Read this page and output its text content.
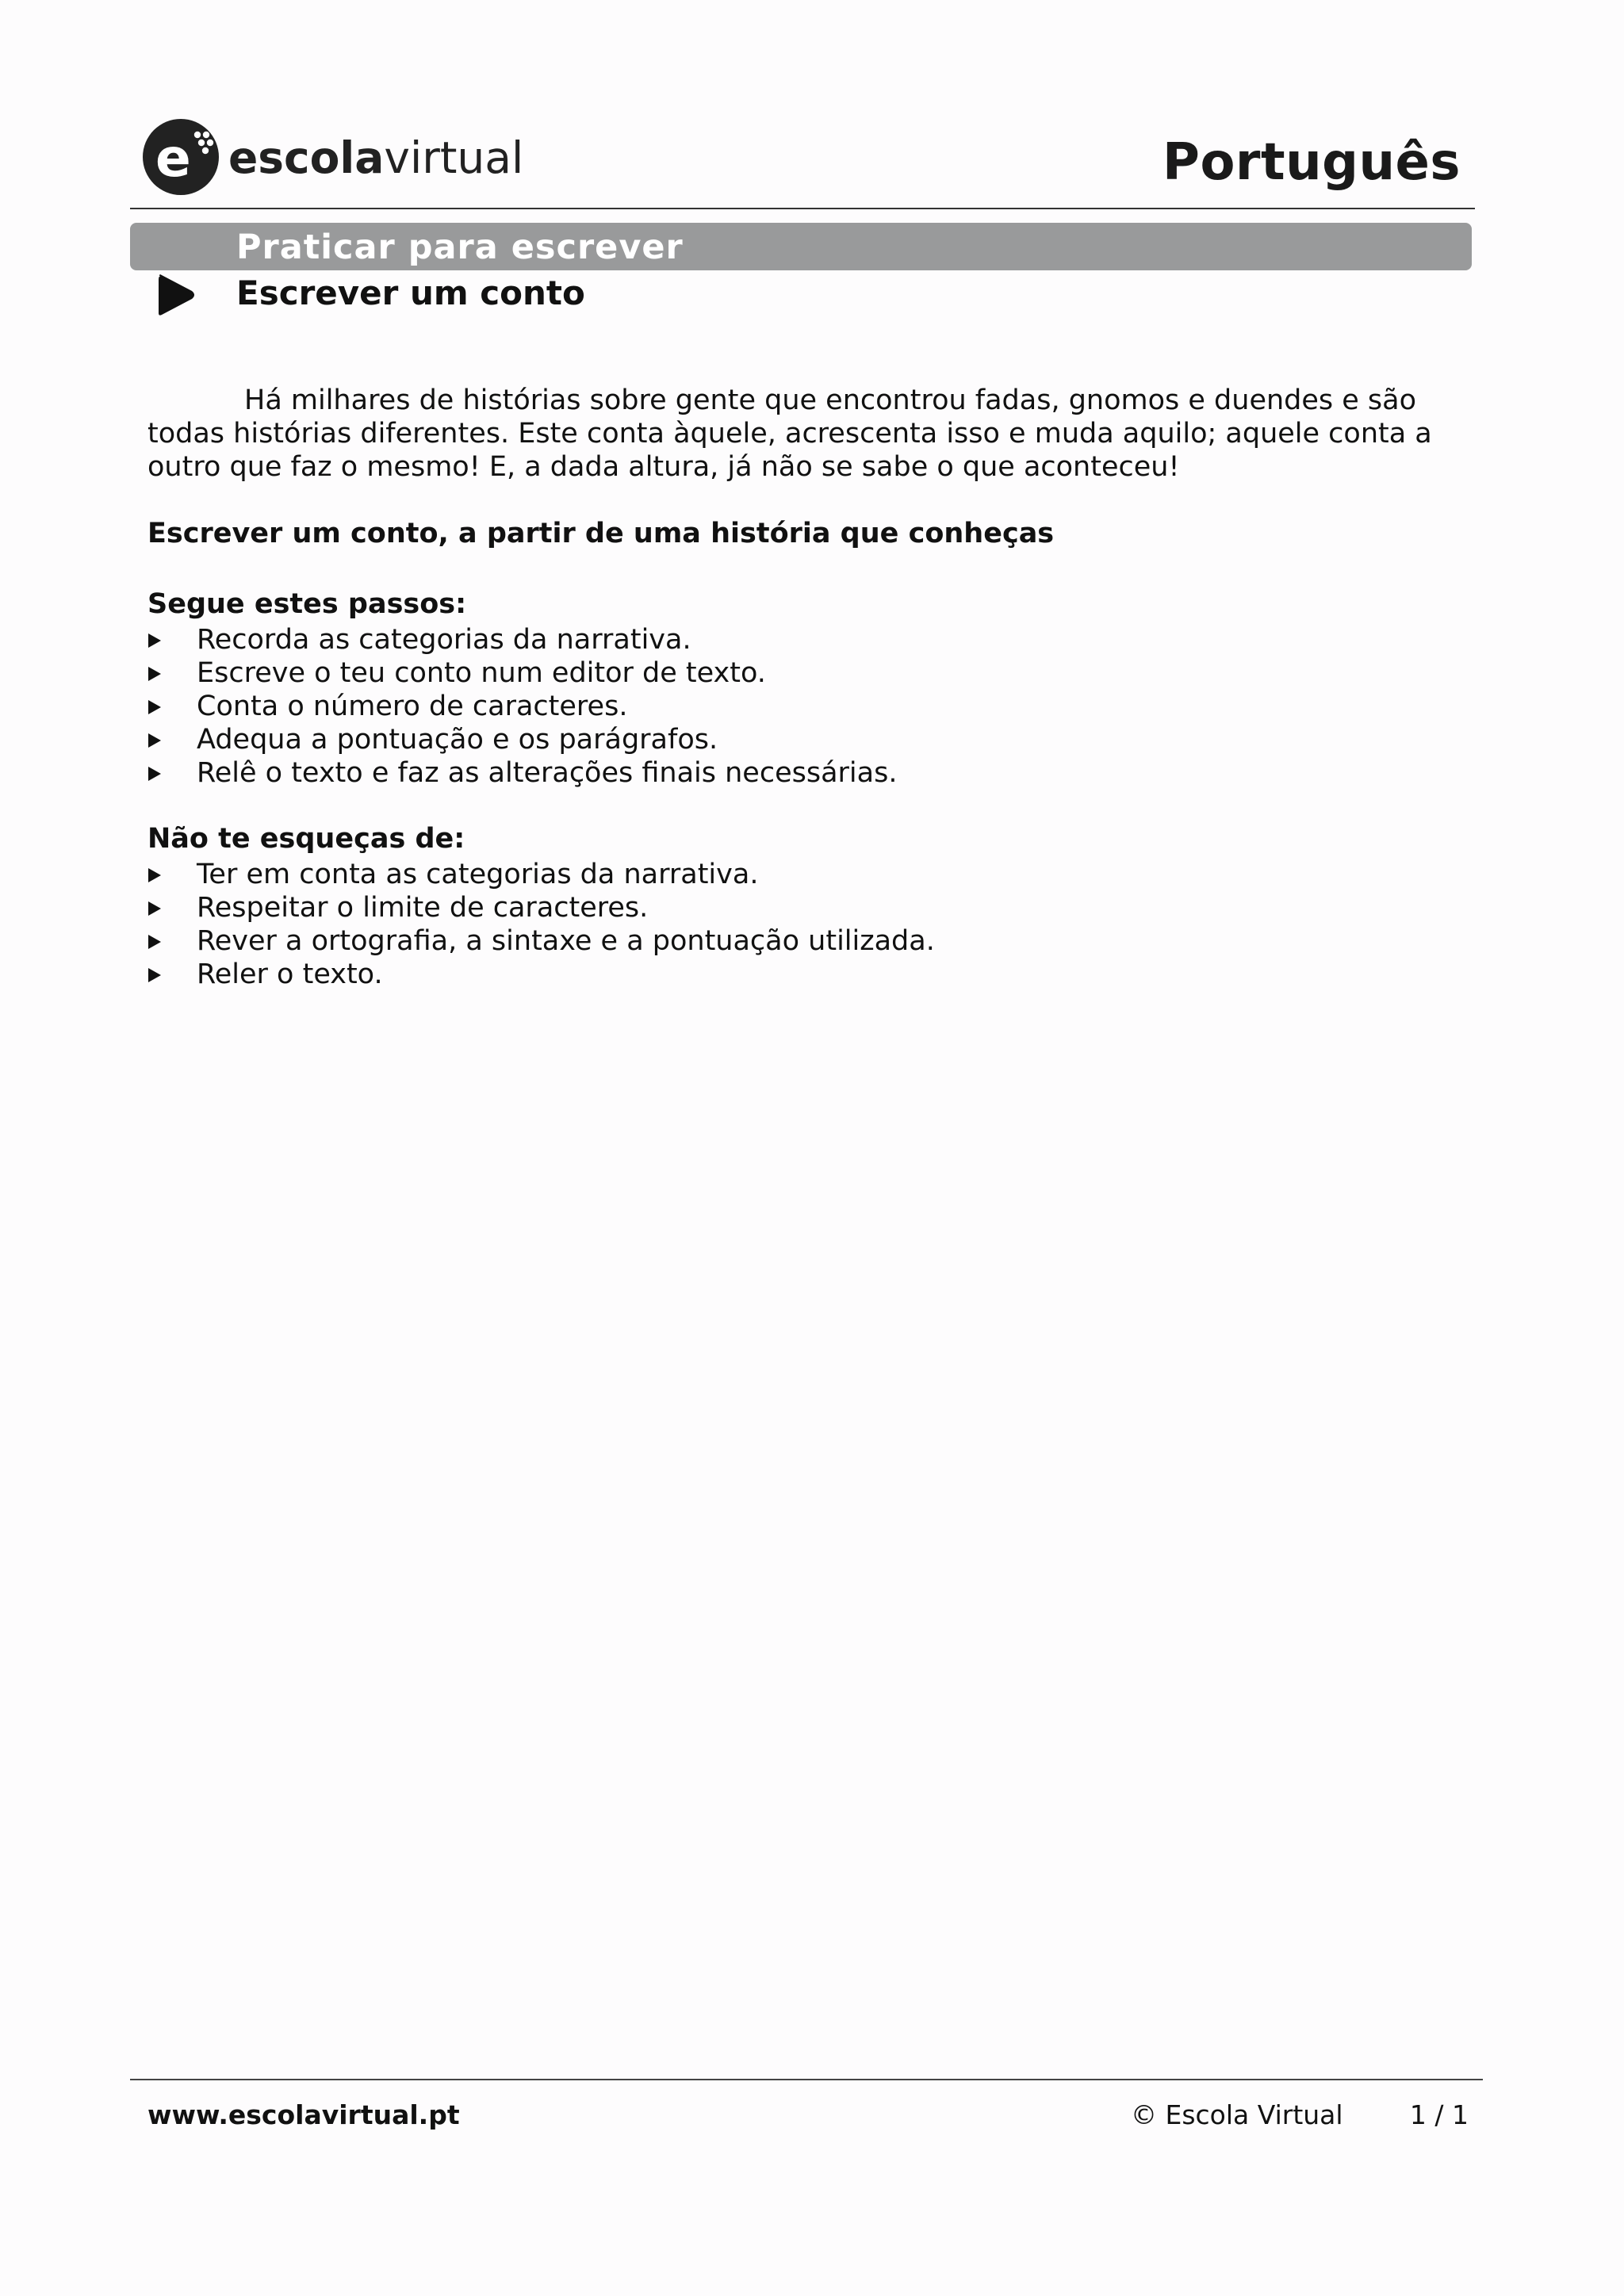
e escolavirtual	Português
Praticar para escrever
Escrever um conto

Há milhares de histórias sobre gente que encontrou fadas, gnomos e duendes e são todas histórias diferentes. Este conta àquele, acrescenta isso e muda aquilo; aquele conta a outro que faz o mesmo! E, a dada altura, já não se sabe o que aconteceu!

Escrever um conto, a partir de uma história que conheças

Segue estes passos:

Recorda as categorias da narrativa.
Escreve o teu conto num editor de texto.
Conta o número de caracteres.
Adequa a pontuação e os parágrafos.
Relê o texto e faz as alterações finais necessárias.

Não te esqueças de:

Ter em conta as categorias da narrativa.
Respeitar o limite de caracteres.
Rever a ortografia, a sintaxe e a pontuação utilizada.
Reler o texto.
www.escolavirtual.pt	© Escola Virtual	1 / 1
